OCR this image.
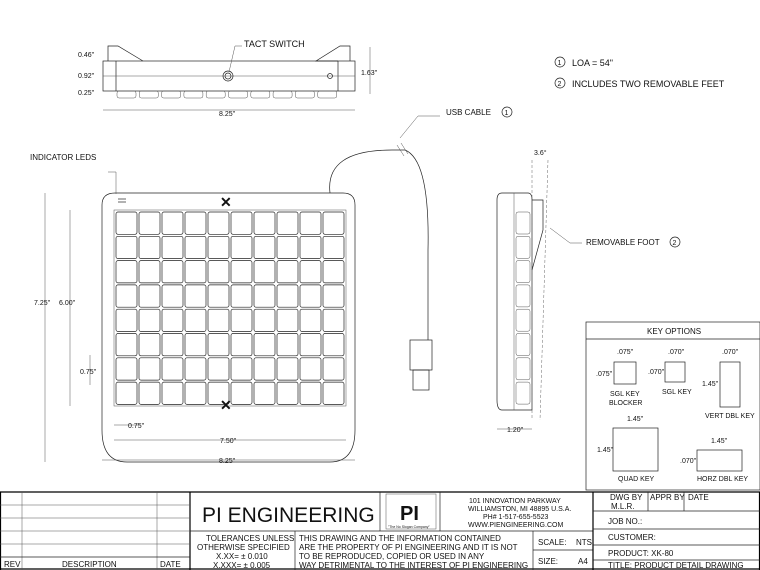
1 LOA = 54"
2 INCLUDES TWO REMOVABLE FEET
TACT SWITCH
0.46"
0.92"
0.25"
1.63"
8.25"
✕
✕
INDICATOR LEDS
USB CABLE 1
7.25" 6.00"
0.75"
0.75"
7.50"
8.25"
3.6°
REMOVABLE FOOT 2
1.20"
KEY OPTIONS
.075"
.075"
SGL KEY
BLOCKER
.070"
.070"
SGL KEY
.070"
1.45"
VERT DBL KEY
1.45"
1.45"
QUAD KEY
1.45"
.070"
HORZ DBL KEY
REV	DESCRIPTION	DATE
PI ENGINEERING PI
"The No Slogan Company"
101 INNOVATION PARKWAY
WILLIAMSTON, MI 48895 U.S.A.
PH# 1-517-655-5523
WWW.PIENGINEERING.COM
TOLERANCES UNLESS
OTHERWISE SPECIFIED
X.XX= ± 0.010
X.XXX= ± 0.005
THIS DRAWING AND THE INFORMATION CONTAINED
ARE THE PROPERTY OF PI ENGINEERING AND IT IS NOT
TO BE REPRODUCED, COPIED OR USED IN ANY
WAY DETRIMENTAL TO THE INTEREST OF PI ENGINEERING
SCALE: NTS
SIZE: A4
DWG BY
M.L.R.
APPR BY DATE
JOB NO.:
CUSTOMER:
PRODUCT: XK-80
TITLE: PRODUCT DETAIL DRAWING
